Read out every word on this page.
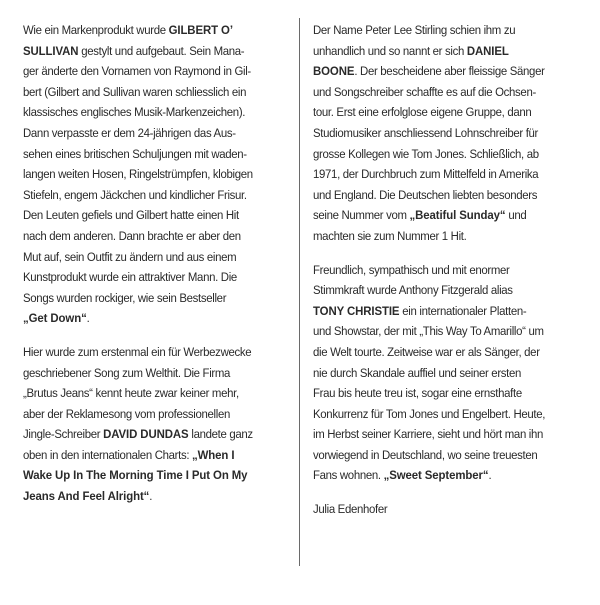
Wie ein Markenprodukt wurde GILBERT O’
SULLIVAN gestylt und aufgebaut. Sein Mana-
ger änderte den Vornamen von Raymond in Gil-
bert (Gilbert and Sullivan waren schliesslich ein
klassisches englisches Musik-Markenzeichen).
Dann verpasste er dem 24-jährigen das Aus-
sehen eines britischen Schuljungen mit waden-
langen weiten Hosen, Ringelstrümpfen, klobigen
Stiefeln, engem Jäckchen und kindlicher Frisur.
Den Leuten gefiels und Gilbert hatte einen Hit
nach dem anderen. Dann brachte er aber den
Mut auf, sein Outfit zu ändern und aus einem
Kunstprodukt wurde ein attraktiver Mann. Die
Songs wurden rockiger, wie sein Bestseller
„Get Down“.
Hier wurde zum erstenmal ein für Werbezwecke
geschriebener Song zum Welthit. Die Firma
„Brutus Jeans“ kennt heute zwar keiner mehr,
aber der Reklamesong vom professionellen
Jingle-Schreiber DAVID DUNDAS landete ganz
oben in den internationalen Charts: „When I
Wake Up In The Morning Time I Put On My
Jeans And Feel Alright“.
Der Name Peter Lee Stirling schien ihm zu
unhandlich und so nannt er sich DANIEL
BOONE. Der bescheidene aber fleissige Sänger
und Songschreiber schaffte es auf die Ochsen-
tour. Erst eine erfolglose eigene Gruppe, dann
Studiomusiker anschliessend Lohnschreiber für
grosse Kollegen wie Tom Jones. Schließlich, ab
1971, der Durchbruch zum Mittelfeld in Amerika
und England. Die Deutschen liebten besonders
seine Nummer vom „Beatiful Sunday“ und
machten sie zum Nummer 1 Hit.
Freundlich, sympathisch und mit enormer
Stimmkraft wurde Anthony Fitzgerald alias
TONY CHRISTIE ein internationaler Platten-
und Showstar, der mit „This Way To Amarillo“ um
die Welt tourte. Zeitweise war er als Sänger, der
nie durch Skandale auffiel und seiner ersten
Frau bis heute treu ist, sogar eine ernsthafte
Konkurrenz für Tom Jones und Engelbert. Heute,
im Herbst seiner Karriere, sieht und hört man ihn
vorwiegend in Deutschland, wo seine treuesten
Fans wohnen. „Sweet September“.
Julia Edenhofer
